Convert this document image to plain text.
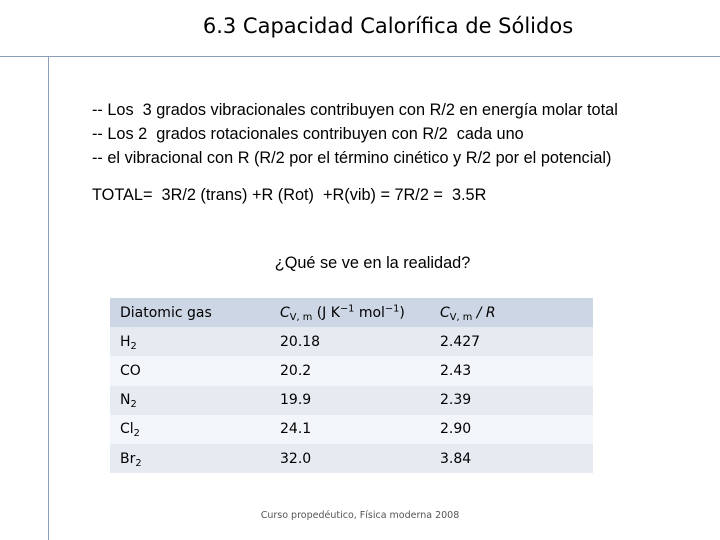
6.3 Capacidad Calorífica de Sólidos
-- Los  3 grados vibracionales contribuyen con R/2 en energía molar total
-- Los 2  grados rotacionales contribuyen con R/2  cada uno
-- el vibracional con R (R/2 por el término cinético y R/2 por el potencial)
TOTAL=  3R/2 (trans) +R (Rot)  +R(vib) = 7R/2 =  3.5R
¿Qué se ve en la realidad?
Diatomic gas	$C_{V, m}$ (J $K^{-1}$ mol$^{-1}$)	$C_{V, m}$ / R
$H_2$	20.18	2.427
CO	20.2	2.43
$N_2$	19.9	2.39
$Cl_2$	24.1	2.90
$Br_2$	32.0	3.84
Curso propedéutico, Física moderna 2008
